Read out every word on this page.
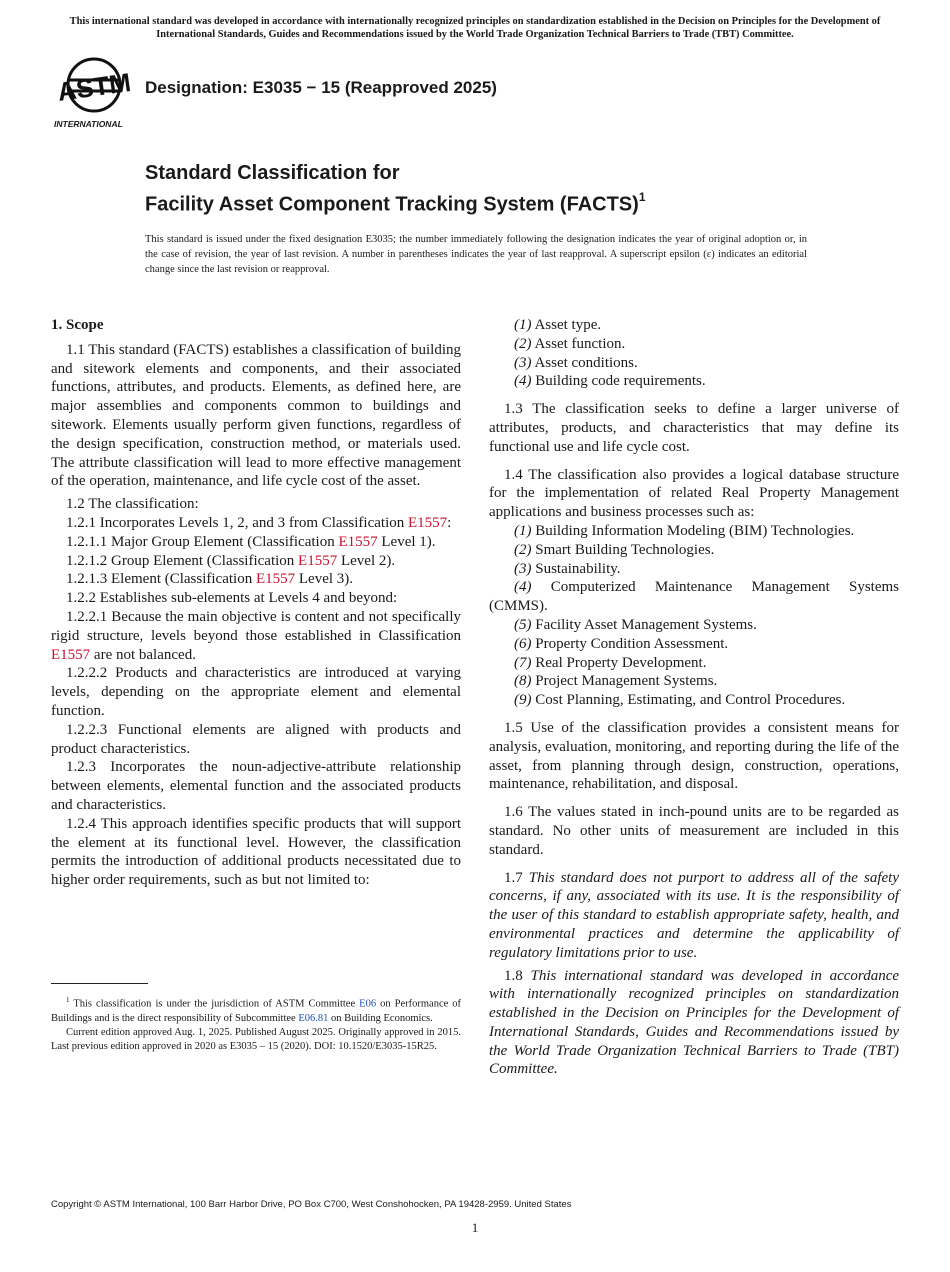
This international standard was developed in accordance with internationally recognized principles on standardization established in the Decision on Principles for the Development of International Standards, Guides and Recommendations issued by the World Trade Organization Technical Barriers to Trade (TBT) Committee.
ASTM
INTERNATIONAL
Designation: E3035 − 15 (Reapproved 2025)
Standard Classification for
Facility Asset Component Tracking System (FACTS)$^1$
This standard is issued under the fixed designation E3035; the number immediately following the designation indicates the year of original adoption or, in the case of revision, the year of last revision. A number in parentheses indicates the year of last reapproval. A superscript epsilon (ε) indicates an editorial change since the last revision or reapproval.

1. Scope

1.1 This standard (FACTS) establishes a classification of building and sitework elements and components, and their associated functions, attributes, and products. Elements, as defined here, are major assemblies and components common to buildings and sitework. Elements usually perform given functions, regardless of the design specification, construction method, or materials used. The attribute classification will lead to more effective management of the operation, maintenance, and life cycle cost of the asset.

1.2 The classification:

1.2.1 Incorporates Levels 1, 2, and 3 from Classification E1557:

1.2.1.1 Major Group Element (Classification E1557 Level 1).

1.2.1.2 Group Element (Classification E1557 Level 2).

1.2.1.3 Element (Classification E1557 Level 3).

1.2.2 Establishes sub-elements at Levels 4 and beyond:

1.2.2.1 Because the main objective is content and not specifically rigid structure, levels beyond those established in Classification E1557 are not balanced.

1.2.2.2 Products and characteristics are introduced at varying levels, depending on the appropriate element and elemental function.

1.2.2.3 Functional elements are aligned with products and product characteristics.

1.2.3 Incorporates the noun-adjective-attribute relationship between elements, elemental function and the associated products and characteristics.

1.2.4 This approach identifies specific products that will support the element at its functional level. However, the classification permits the introduction of additional products necessitated due to higher order requirements, such as but not limited to:

$^1$ This classification is under the jurisdiction of ASTM Committee E06 on Performance of Buildings and is the direct responsibility of Subcommittee E06.81 on Building Economics.

Current edition approved Aug. 1, 2025. Published August 2025. Originally approved in 2015. Last previous edition approved in 2020 as E3035 – 15 (2020). DOI: 10.1520/E3035-15R25.

(1) Asset type.

(2) Asset function.

(3) Asset conditions.

(4) Building code requirements.

1.3 The classification seeks to define a larger universe of attributes, products, and characteristics that may define its functional use and life cycle cost.

1.4 The classification also provides a logical database structure for the implementation of related Real Property Management applications and business processes such as:

(1) Building Information Modeling (BIM) Technologies.

(2) Smart Building Technologies.

(3) Sustainability.

(4) Computerized Maintenance Management Systems (CMMS).

(5) Facility Asset Management Systems.

(6) Property Condition Assessment.

(7) Real Property Development.

(8) Project Management Systems.

(9) Cost Planning, Estimating, and Control Procedures.

1.5 Use of the classification provides a consistent means for analysis, evaluation, monitoring, and reporting during the life of the asset, from planning through design, construction, operations, maintenance, rehabilitation, and disposal.

1.6 The values stated in inch-pound units are to be regarded as standard. No other units of measurement are included in this standard.

1.7 This standard does not purport to address all of the safety concerns, if any, associated with its use. It is the responsibility of the user of this standard to establish appropriate safety, health, and environmental practices and determine the applicability of regulatory limitations prior to use.

1.8 This international standard was developed in accordance with internationally recognized principles on standardization established in the Decision on Principles for the Development of International Standards, Guides and Recommendations issued by the World Trade Organization Technical Barriers to Trade (TBT) Committee.

Copyright © ASTM International, 100 Barr Harbor Drive, PO Box C700, West Conshohocken, PA 19428-2959. United States
1
